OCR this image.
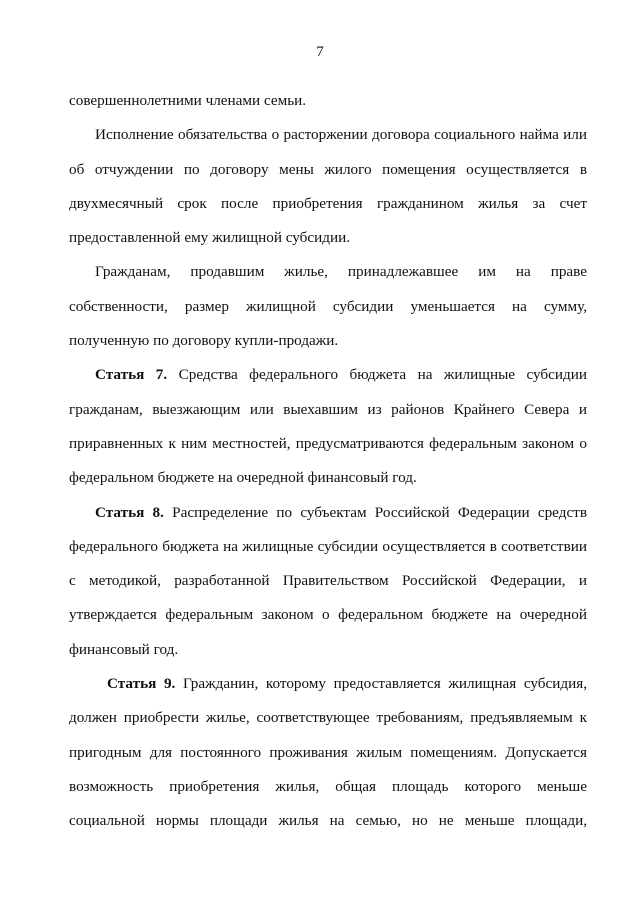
7
совершеннолетними членами семьи.
Исполнение обязательства о расторжении договора социального найма или
об отчуждении по договору мены жилого помещения осуществляется в
двухмесячный срок после приобретения гражданином жилья за счет
предоставленной ему жилищной субсидии.
Гражданам, продавшим жилье, принадлежавшее им на праве
собственности, размер жилищной субсидии уменьшается на сумму,
полученную по договору купли-продажи.
Статья 7. Средства федерального бюджета на жилищные субсидии
гражданам, выезжающим или выехавшим из районов Крайнего Севера и
приравненных к ним местностей, предусматриваются федеральным законом о
федеральном бюджете на очередной финансовый год.
Статья 8. Распределение по субъектам Российской Федерации средств
федерального бюджета на жилищные субсидии осуществляется в соответствии
с методикой, разработанной Правительством Российской Федерации, и
утверждается федеральным законом о федеральном бюджете на очередной
финансовый год.
Статья 9. Гражданин, которому предоставляется жилищная субсидия,
должен приобрести жилье, соответствующее требованиям, предъявляемым к
пригодным для постоянного проживания жилым помещениям. Допускается
возможность приобретения жилья, общая площадь которого меньше
социальной нормы площади жилья на семью, но не меньше площади,
